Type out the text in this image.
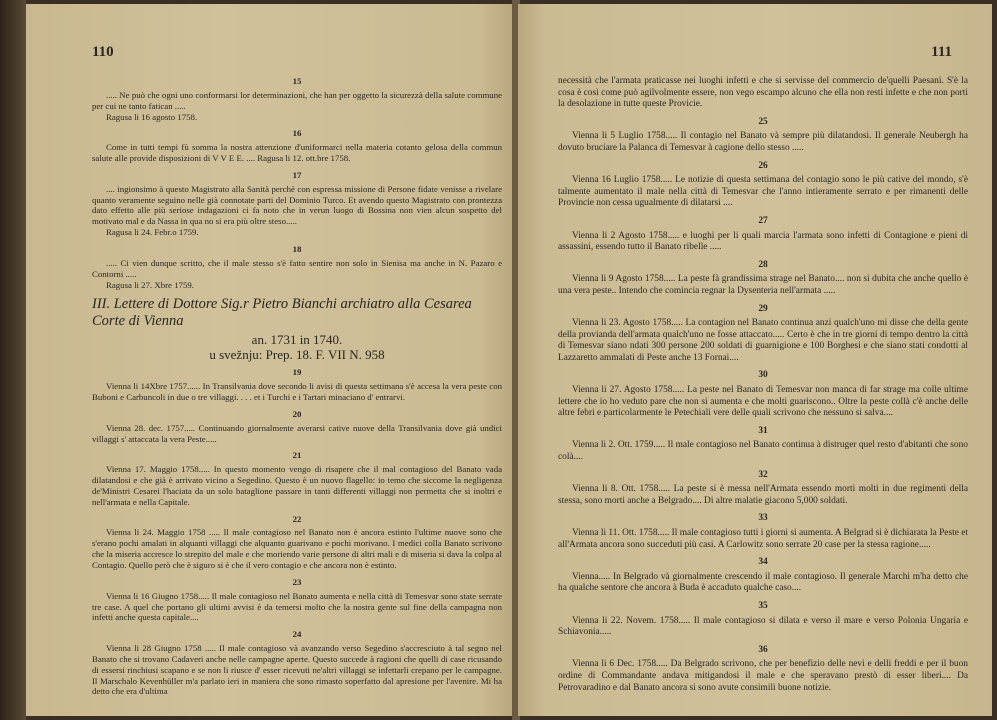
110
15
..... Ne può che ogni uno conformarsi lor determinazioni, che han per oggetto la sicurezzà della salute commune per cui ne tanto fatican .....
Ragusa li 16 agosto 1758.
16
Come in tutti tempi fù somma la nostra attenzione d'uniformarci nella materia cotanto gelosa della commun salute alle provide disposizioni di V V E E. .... Ragusa li 12. ott.bre 1758.
17
.... ingionsimo à questo Magistrato alla Sanità perchè con espressa missione di Persone fidate venisse a rivelare quanto veramente seguino nelle già connotate parti del Dominio Turco. Et avendo questo Magistrato con prontezza dato effetto alle più seriose indagazioni ci fa noto che in verun luogo di Bossina non vien alcun sospetto del motivato mal e da Nassa in qua no si era più oltre steso.....
Ragusa li 24. Febr.o 1759.
18
..... Ci vien dunque scritto, che il male stesso s'è fatto sentire non solo in Sienisa ma anche in N. Pazaro e Contorni .....
Ragusa li 27. Xbre 1759.
III. Lettere di Dottore Sig.r Pietro Bianchi archiatro alla Cesarea Corte di Vienna
an. 1731 in 1740.
u svežnju: Prep. 18. F. VII N. 958
19
Vienna li 14Xbre 1757...... In Transilvania dove secondo li avisi di questa settimana s'è accesa la vera peste con Buboni e Carbuncoli in due o tre villaggi. . . . et i Turchi e i Tartari minaciano d' entrarvi.
20
Vienna 28. dec. 1757..... Continuando giornalmente averarsi cative nuove della Transilvania dove già undici villaggi s' attaccata la vera Peste.....
21
Vienna 17. Maggio 1758..... In questo momento vengo di risapere che il mal contagioso del Banato vada dilatandosi e che già è arrivato vicino a Segedino. Questo è un nuovo flagello: io temo che siccome la negligenza de'Ministri Cesarei l'haciata da un solo bataglione passare in tanti differenti villaggi non permetta che si inoltri e nell'armata e nella Capitale.
22
Vienna li 24. Maggio 1758 ..... Il male contagioso nel Banato non è ancora estinto l'ultime nuove sono che s'erano pochi amalati in alquanti villaggi che alquanto guarivano e pochi morivano. I medici colla Banato scrivono che la miseria accresce lo strepito del male e che moriendo varie persone di altri mali e di miseria si dava la colpa al Contagio. Quello però che è siguro si è che il vero contagio e che ancora non è estinto.
23
Vienna li 16 Giugno 1758..... Il male contagioso nel Banato aumenta e nella città di Temesvar sono state serrate tre case. A quel che portano gli ultimi avvisi è da temersi molto che la nostra gente sul fine della campagna non infetti anche questa capitale....
24
Vienna li 28 Giugno 1758 ..... Il male contagioso và avanzando verso Segedino s'accresciuto à tal segno nel Banato che si trovano Cadaveri anche nelle campagne aperte. Questo succede à ragioni che quelli di case ricusando di essersi rinchiusi scapano e se non li riusce d' esser ricevuti ne'altri villaggi se infettarli crepano per le campagne. Il Marschalo Kevenhüller m'a parlato ieri in maniera che sono rimasto soperfatto dal apresione per l'avenire. Mi ha detto che era d'ultima
111
necessità che l'armata praticasse nei luoghi infetti e che si servisse del commercio de'quelli Paesani. S'è la cosa è così come può agilvolmente essere, non vego escampo alcuno che ella non resti infette e che non porti la desolazione in tutte queste Provicie.
25
Vienna li 5 Luglio 1758..... Il contagio nel Banato và sempre più dilatandosi. Il generale Neubergh ha dovuto bruciare la Palanca di Temesvar à cagione dello stesso .....
26
Vienna 16 Luglio 1758..... Le notizie di questa settimana del contagio sono le più cative del mondo, s'è talmente aumentato il male nella città di Temesvar che l'anno intieramente serrato e per rimanenti delle Provincie non cessa ugualmente di dilatarsi ....
27
Vienna li 2 Agosto 1758..... e luoghi per li quali marcia l'armata sono infetti di Contagione e pieni di assassini, essendo tutto il Banato ribelle .....
28
Vienna li 9 Agosto 1758..... La peste fà grandissima strage nel Banato.... non si dubita che anche quello è una vera peste.. Intendo che comincia regnar la Dysenteria nell'armata .....
29
Vienna li 23. Agosto 1758..... La contagion nel Banato continua anzi qualch'uno mi disse che della gente della provianda dell'armata qualch'uno ne fosse attaccato..... Certo è che in tre giorni di tempo dentro la città di Temesvar siano ndati 300 persone 200 soldati di guarnigione e 100 Borghesi e che siano stati condotti al Lazzaretto ammalati di Peste anche 13 Fornai....
30
Vienna li 27. Agosto 1758..... La peste nel Banato di Temesvar non manca di far strage ma colle ultime lettere che io ho veduto pare che non si aumenta e che molti guariscono.. Oltre la peste collà c'è anche delle altre febri e particolarmente le Petechiali vere delle quali scrivono che nessuno si salva....
31
Vienna li 2. Ott. 1759..... Il male contagioso nel Banato continua à distruger quel resto d'abitanti che sono colà....
32
Vienna li 8. Ott. 1758..... La peste si è messa nell'Armata essendo morti molti in due regimenti della stessa, sono morti anche a Belgrado.... Di altre malatie giacono 5,000 soldati.
33
Vienna li 11. Ott. 1758..... Il male contagioso tutti i giorni si aumenta. A Belgrad si è dichiarata la Peste et all'Armata ancora sono succeduti più casi. A Carlowitz sono serrate 20 case per la stessa ragione.....
34
Vienna..... In Belgrado và giornalmente crescendo il male contagioso. Il generale Marchi m'ha detto che ha qualche sentore che ancora à Buda è accaduto qualche caso....
35
Vienna li 22. Novem. 1758..... Il male contagioso si dilata e verso il mare e verso Polonia Ungaria e Schiavonia.....
36
Vienna li 6 Dec. 1758..... Da Belgrado scrivono, che per benefizio delle nevi e delli freddi e per il buon ordine di Commandante andava mitigandosi il male e che speravano prestò di esser liberi.... Da Petrovaradino e dal Banato ancora si sono avute consimili buone notizie.
